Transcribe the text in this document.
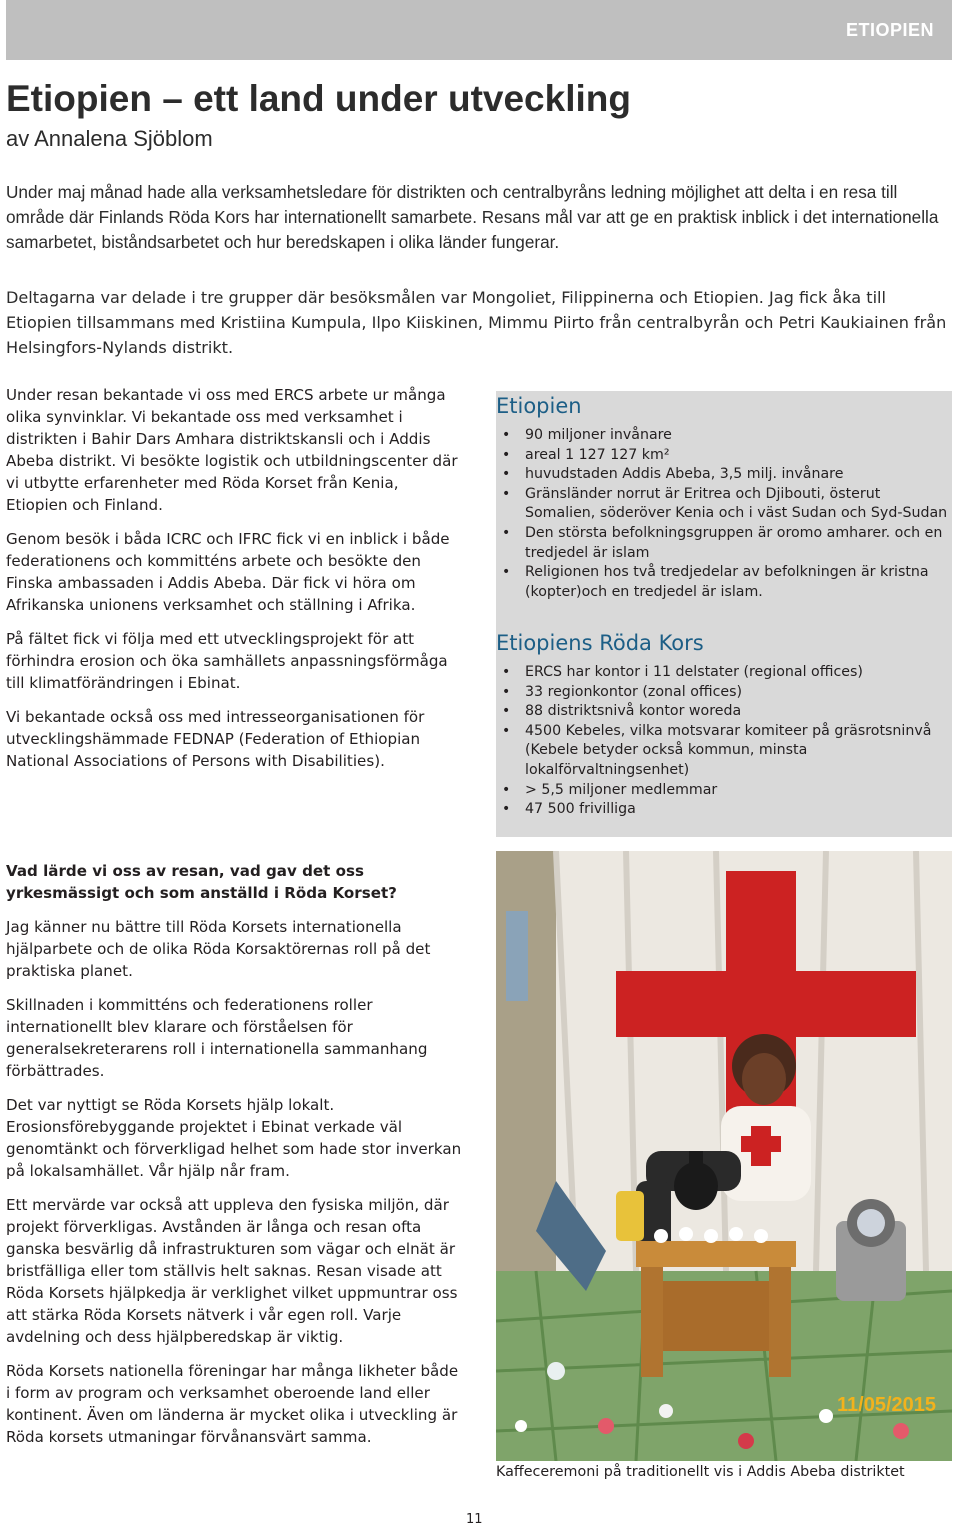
ETIOPIEN
Etiopien – ett land under utveckling
av Annalena Sjöblom

Under maj månad hade alla verksamhetsledare för distrikten och centralbyråns ledning möjlighet att delta i en resa till område där Finlands Röda Kors har internationellt samarbete. Resans mål var att ge en praktisk inblick i det internationella samarbetet, biståndsarbetet och hur beredskapen i olika länder fungerar.

Deltagarna var delade i tre grupper där besöksmålen var Mongoliet, Filippinerna och Etiopien. Jag fick åka till Etiopien tillsammans med Kristiina Kumpula, Ilpo Kiiskinen, Mimmu Piirto från centralbyrån och Petri Kaukiainen från Helsingfors-Nylands distrikt.

Under resan bekantade vi oss med ERCS arbete ur många olika synvinklar. Vi bekantade oss med verksamhet i distrikten i Bahir Dars Amhara distriktskansli och i Addis Abeba distrikt. Vi besökte logistik och utbildningscenter där vi utbytte erfarenheter med Röda Korset från Kenia, Etiopien och Finland.

Genom besök i båda ICRC och IFRC fick vi en inblick i både federationens och kommitténs arbete och besökte den Finska ambassaden i Addis Abeba. Där fick vi höra om Afrikanska unionens verksamhet och ställning i Afrika.

På fältet fick vi följa med ett utvecklingsprojekt för att förhindra erosion och öka samhällets anpassningsförmåga till klimatförändringen i Ebinat.

Vi bekantade också oss med intresseorganisationen för utvecklingshämmade FEDNAP (Federation of Ethiopian National Associations of Persons with Disabilities).

Vad lärde vi oss av resan, vad gav det oss yrkesmässigt och som anställd i Röda Korset?

Jag känner nu bättre till Röda Korsets internationella hjälparbete och de olika Röda Korsaktörernas roll på det praktiska planet.

Skillnaden i kommitténs och federationens roller internationellt blev klarare och förståelsen för generalsekreterarens roll i internationella sammanhang förbättrades.

Det var nyttigt se Röda Korsets hjälp lokalt. Erosionsförebyggande projektet i Ebinat verkade väl genomtänkt och förverkligad helhet som hade stor inverkan på lokalsamhället. Vår hjälp når fram.

Ett mervärde var också att uppleva den fysiska miljön, där projekt förverkligas. Avstånden är långa och resan ofta ganska besvärlig då infrastrukturen som vägar och elnät är bristfälliga eller tom ställvis helt saknas. Resan visade att Röda Korsets hjälpkedja är verklighet vilket uppmuntrar oss att stärka Röda Korsets nätverk i vår egen roll. Varje avdelning och dess hjälpberedskap är viktig.

Röda Korsets nationella föreningar har många likheter både i form av program och verksamhet oberoende land eller kontinent. Även om länderna är mycket olika i utveckling är Röda korsets utmaningar förvånansvärt samma.

Etiopien
• 90 miljoner invånare
• areal 1 127 127 km²
• huvudstaden Addis Abeba, 3,5 milj. invånare
• Gränsländer norrut är Eritrea och Djibouti, österut Somalien, söderöver Kenia och i väst Sudan och Syd-Sudan
• Den största befolkningsgruppen är oromo amharer. och en tredjedel är islam
• Religionen hos två tredjedelar av befolkningen är kristna (kopter)och en tredjedel är islam.
Etiopiens Röda Kors
• ERCS har kontor i 11 delstater (regional offices)
• 33 regionkontor (zonal offices)
• 88 distriktsnivå kontor woreda
• 4500 Kebeles, vilka motsvarar komiteer på gräsrotsninvå (Kebele betyder också kommun, minsta lokalförvaltningsenhet)
• > 5,5 miljoner medlemmar
• 47 500 frivilliga
11/05/2015
Kaffeceremoni på traditionellt vis i Addis Abeba distriktet
11
